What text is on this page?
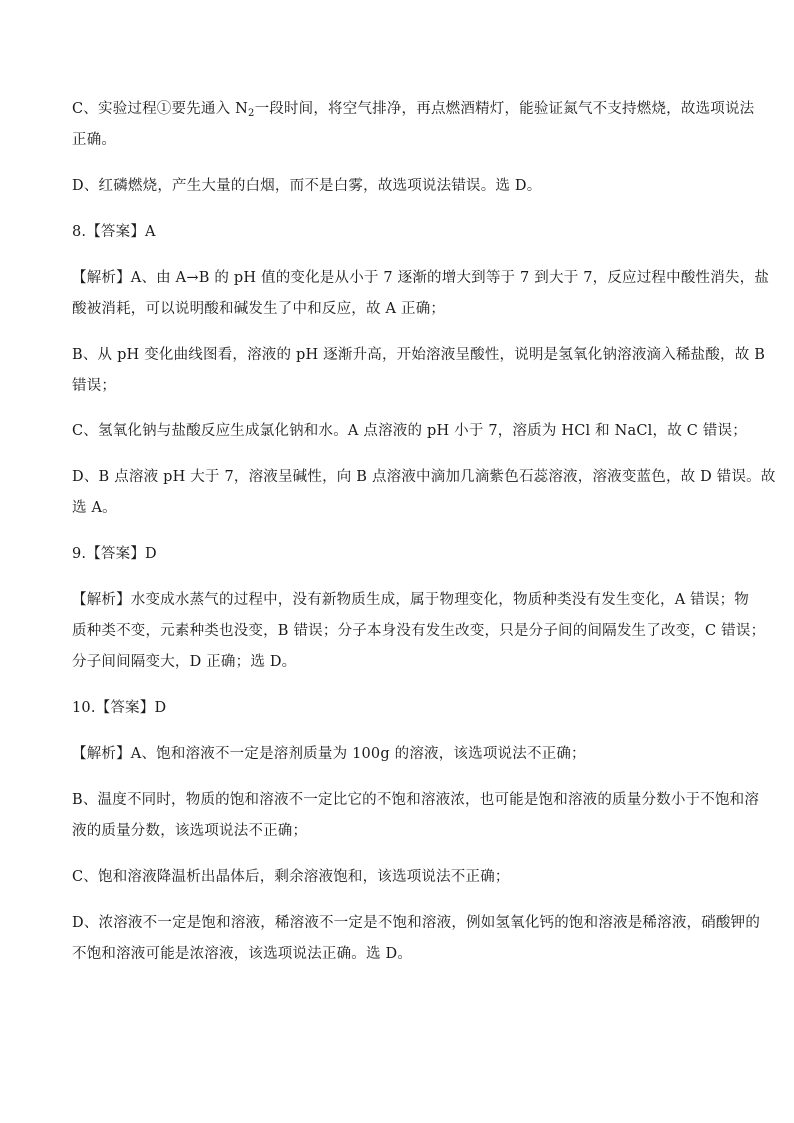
C、实验过程①要先通入 $N_2$一段时间，将空气排净，再点燃酒精灯，能验证氮气不支持燃烧，故选项说法
正确。
D、红磷燃烧，产生大量的白烟，而不是白雾，故选项说法错误。选 D。
8.【答案】A
【解析】A、由 A→B 的 pH 值的变化是从小于 7 逐渐的增大到等于 7 到大于 7，反应过程中酸性消失，盐
酸被消耗，可以说明酸和碱发生了中和反应，故 A 正确；
B、从 pH 变化曲线图看，溶液的 pH 逐渐升高，开始溶液呈酸性，说明是氢氧化钠溶液滴入稀盐酸，故 B
错误；
C、氢氧化钠与盐酸反应生成氯化钠和水。A 点溶液的 pH 小于 7，溶质为 HCl 和 NaCl，故 C 错误；
D、B 点溶液 pH 大于 7，溶液呈碱性，向 B 点溶液中滴加几滴紫色石蕊溶液，溶液变蓝色，故 D 错误。故
选 A。
9.【答案】D
【解析】水变成水蒸气的过程中，没有新物质生成，属于物理变化，物质种类没有发生变化，A 错误；物
质种类不变，元素种类也没变，B 错误；分子本身没有发生改变，只是分子间的间隔发生了改变，C 错误；
分子间间隔变大，D 正确；选 D。
10.【答案】D
【解析】A、饱和溶液不一定是溶剂质量为 100g 的溶液，该选项说法不正确；
B、温度不同时，物质的饱和溶液不一定比它的不饱和溶液浓，也可能是饱和溶液的质量分数小于不饱和溶
液的质量分数，该选项说法不正确；
C、饱和溶液降温析出晶体后，剩余溶液饱和，该选项说法不正确；
D、浓溶液不一定是饱和溶液，稀溶液不一定是不饱和溶液，例如氢氧化钙的饱和溶液是稀溶液，硝酸钾的
不饱和溶液可能是浓溶液，该选项说法正确。选 D。
